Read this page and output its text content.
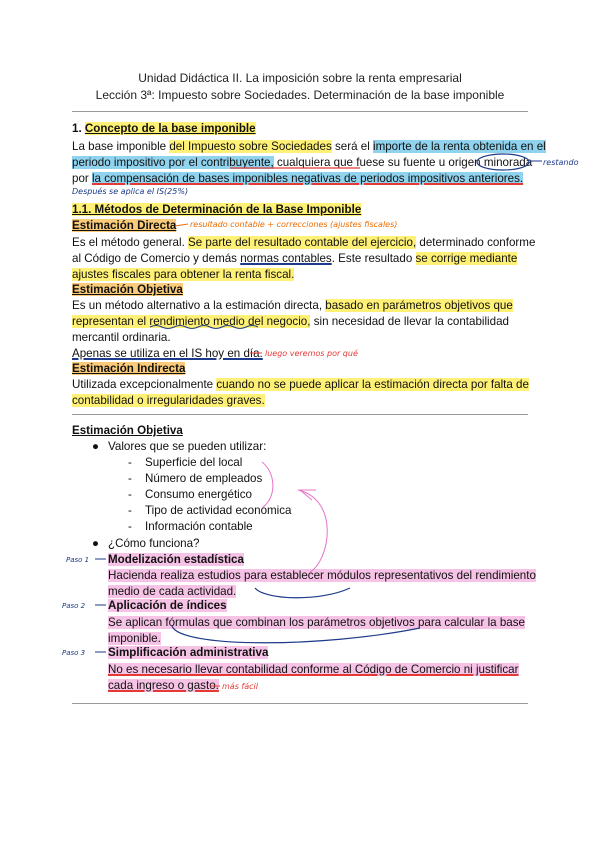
Unidad Didáctica II. La imposición sobre la renta empresarial
Lección 3ª: Impuesto sobre Sociedades. Determinación de la base imponible
1. Concepto de la base imponible
La base imponible del Impuesto sobre Sociedades será el importe de la renta obtenida en el
periodo impositivo por el contribuyente, cualquiera que fuese su fuente u origen minorada restando
por la compensación de bases imponibles negativas de periodos impositivos anteriores.
Después se aplica el IS(25%)
1.1. Métodos de Determinación de la Base Imponible
Estimación Directa resultado contable + correcciones (ajustes fiscales)
Es el método general. Se parte del resultado contable del ejercicio, determinado conforme
al Código de Comercio y demás normas contables. Este resultado se corrige mediante
ajustes fiscales para obtener la renta fiscal.
Estimación Objetiva
Es un método alternativo a la estimación directa, basado en parámetros objetivos que
representan el rendimiento medio del negocio, sin necesidad de llevar la contabilidad
mercantil ordinaria.
Apenas se utiliza en el IS hoy en día. luego veremos por qué
Estimación Indirecta
Utilizada excepcionalmente cuando no se puede aplicar la estimación directa por falta de
contabilidad o irregularidades graves.
Estimación Objetiva
● Valores que se pueden utilizar:
- Superficie del local
- Número de empleados
- Consumo energético
- Tipo de actividad económica
- Información contable
● ¿Cómo funciona?
Paso 1 Modelización estadística
Hacienda realiza estudios para establecer módulos representativos del rendimiento
medio de cada actividad.
Paso 2 Aplicación de índices
Se aplican fórmulas que combinan los parámetros objetivos para calcular la base
imponible.
Paso 3 Simplificación administrativa
No es necesario llevar contabilidad conforme al Código de Comercio ni justificar
cada ingreso o gasto. más fácil
